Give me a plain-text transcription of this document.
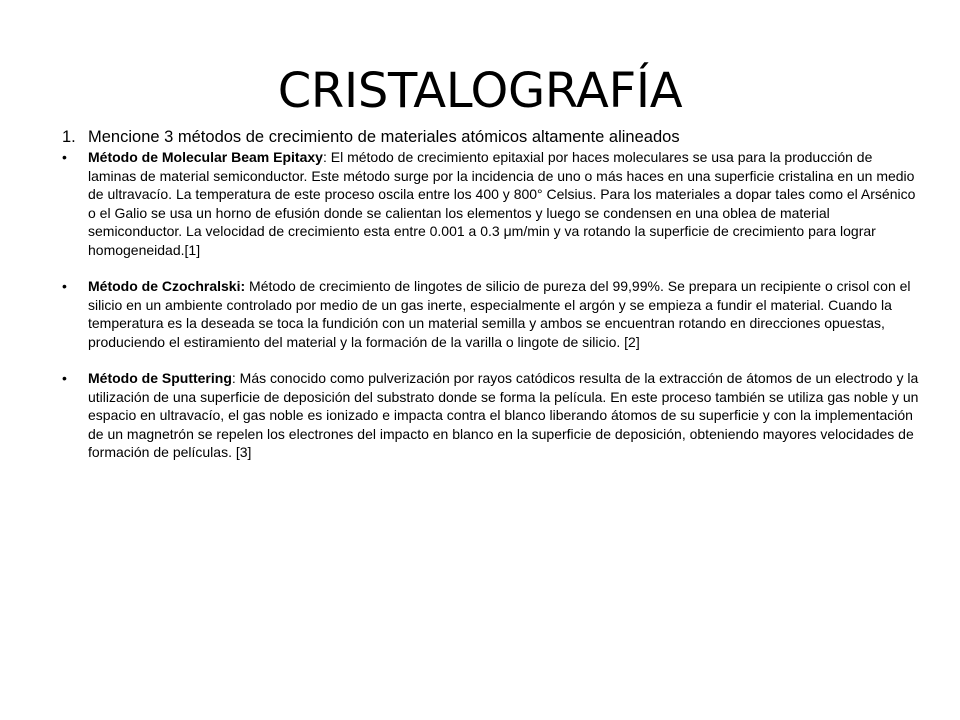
CRISTALOGRAFÍA

1. Mencione 3 métodos de crecimiento de materiales atómicos altamente alineados

• Método de Molecular Beam Epitaxy: El método de crecimiento epitaxial por haces moleculares se usa para la producción de laminas de material semiconductor. Este método surge por la incidencia de uno o más haces en una superficie cristalina en un medio de ultravacío. La temperatura de este proceso oscila entre los 400 y 800° Celsius. Para los materiales a dopar tales como el Arsénico o el Galio se usa un horno de efusión donde se calientan los elementos y luego se condensen en una oblea de material semiconductor. La velocidad de crecimiento esta entre 0.001 a 0.3 μm/min y va rotando la superficie de crecimiento para lograr homogeneidad.[1]

• Método de Czochralski: Método de crecimiento de lingotes de silicio de pureza del 99,99%. Se prepara un recipiente o crisol con el silicio en un ambiente controlado por medio de un gas inerte, especialmente el argón y se empieza a fundir el material. Cuando la temperatura es la deseada se toca la fundición con un material semilla y ambos se encuentran rotando en direcciones opuestas, produciendo el estiramiento del material y la formación de la varilla o lingote de silicio. [2]

• Método de Sputtering: Más conocido como pulverización por rayos catódicos resulta de la extracción de átomos de un electrodo y la utilización de una superficie de deposición del substrato donde se forma la película. En este proceso también se utiliza gas noble y un espacio en ultravacío, el gas noble es ionizado e impacta contra el blanco liberando átomos de su superficie y con la implementación de un magnetrón se repelen los electrones del impacto en blanco en la superficie de deposición, obteniendo mayores velocidades de formación de películas. [3]
